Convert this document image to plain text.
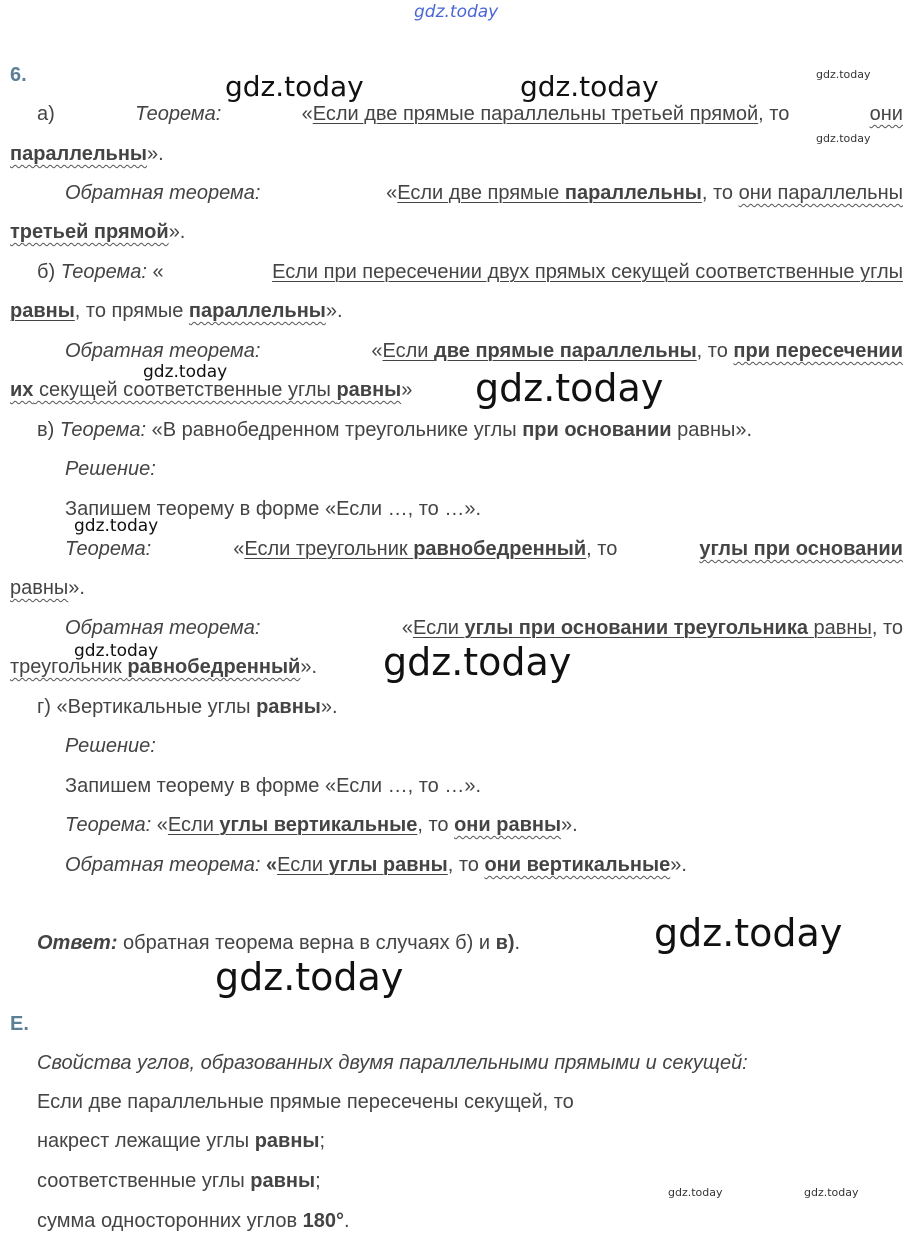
gdz.today
6.
а)	Теорема:	«Если две прямые параллельны третьей прямой, то	они
параллельны».
Обратная теорема:	«Если две прямые параллельны, то они параллельны
третьей прямой».
б) Теорема: «	Если при пересечении двух прямых секущей соответственные углы
равны, то прямые параллельны».
Обратная теорема:	«Если две прямые параллельны, то при пересечении
их секущей соответственные углы равны»
в) Теорема: «В равнобедренном треугольнике углы при основании равны».
Решение:
Запишем теорему в форме «Если …, то …».
Теорема:	«Если треугольник равнобедренный, то	углы при основании
равны».
Обратная теорема:	«Если углы при основании треугольника равны, то
треугольник равнобедренный».
г) «Вертикальные углы равны».
Решение:
Запишем теорему в форме «Если …, то …».
Теорема: «Если углы вертикальные, то они равны».
Обратная теорема: «Если углы равны, то они вертикальные».
Ответ: обратная теорема верна в случаях б) и в).
Е.
Свойства углов, образованных двумя параллельными прямыми и секущей:
Если две параллельные прямые пересечены секущей, то
накрест лежащие углы равны;
соответственные углы равны;
сумма односторонних углов 180°.
gdz.today	gdz.today	gdz.today
gdz.today
gdz.today	gdz.today
gdz.today
gdz.today	gdz.today
gdz.today
gdz.today
gdz.today	gdz.today
